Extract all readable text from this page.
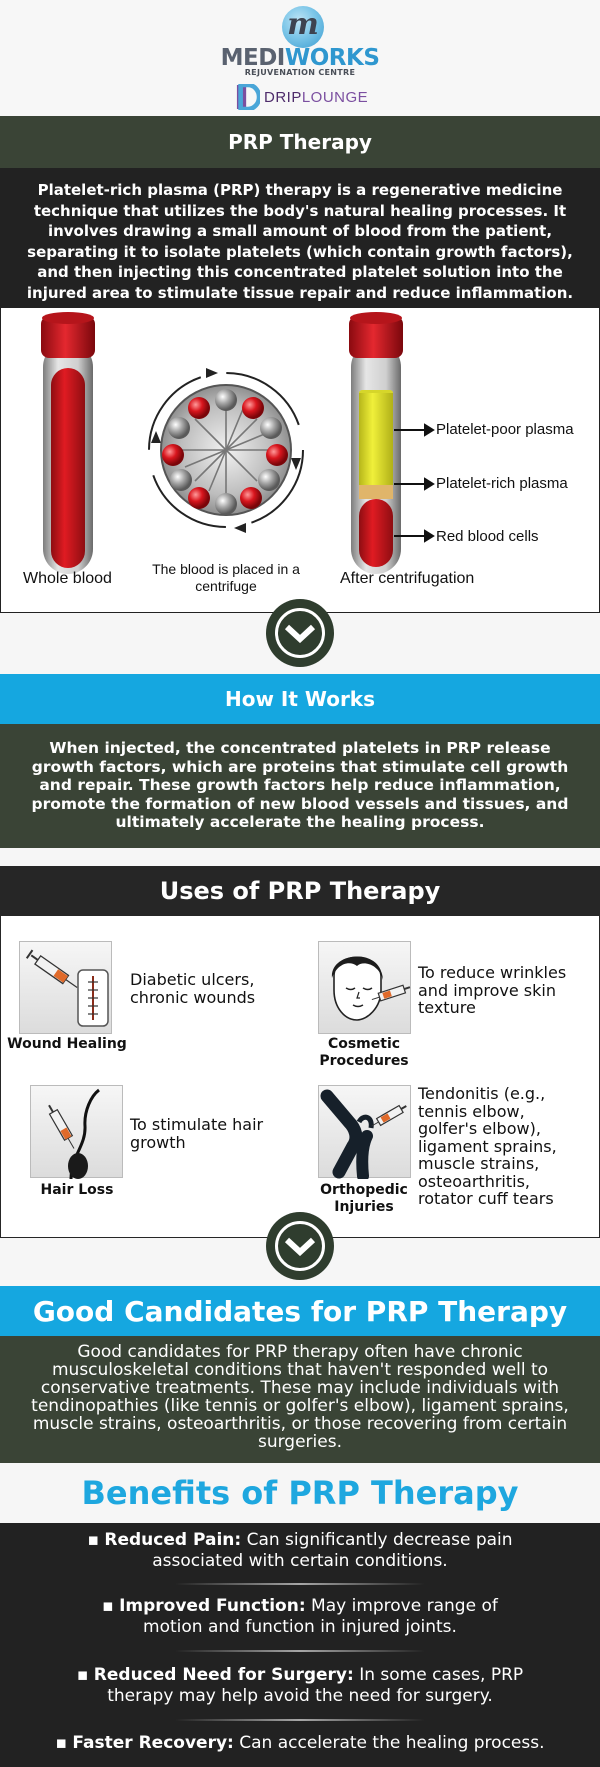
m
MEDIWORKS
REJUVENATION CENTRE
DRIPLOUNGE
PRP Therapy
Platelet-rich plasma (PRP) therapy is a regenerative medicine technique that utilizes the body's natural healing processes. It involves drawing a small amount of blood from the patient, separating it to isolate platelets (which contain growth factors), and then injecting this concentrated platelet solution into the injured area to stimulate tissue repair and reduce inflammation.
Whole blood
The blood is placed in a
centrifuge	After centrifugation
Platelet-poor plasma
Platelet-rich plasma
Red blood cells
How It Works
When injected, the concentrated platelets in PRP release growth factors, which are proteins that stimulate cell growth and repair. These growth factors help reduce inflammation, promote the formation of new blood vessels and tissues, and ultimately accelerate the healing process.
Uses of PRP Therapy
Wound Healing
Diabetic ulcers, chronic wounds
Cosmetic Procedures
To reduce wrinkles and improve skin texture
Hair Loss
To stimulate hair growth
Orthopedic Injuries
Tendonitis (e.g., tennis elbow, golfer's elbow), ligament sprains, muscle strains, osteoarthritis, rotator cuff tears
Good Candidates for PRP Therapy
Good candidates for PRP therapy often have chronic musculoskeletal conditions that haven't responded well to conservative treatments. These may include individuals with tendinopathies (like tennis or golfer's elbow), ligament sprains, muscle strains, osteoarthritis, or those recovering from certain surgeries.
Benefits of PRP Therapy
▪ Reduced Pain: Can significantly decrease pain
associated with certain conditions.
▪ Improved Function: May improve range of
motion and function in injured joints.
▪ Reduced Need for Surgery: In some cases, PRP
therapy may help avoid the need for surgery.
▪ Faster Recovery: Can accelerate the healing process.
